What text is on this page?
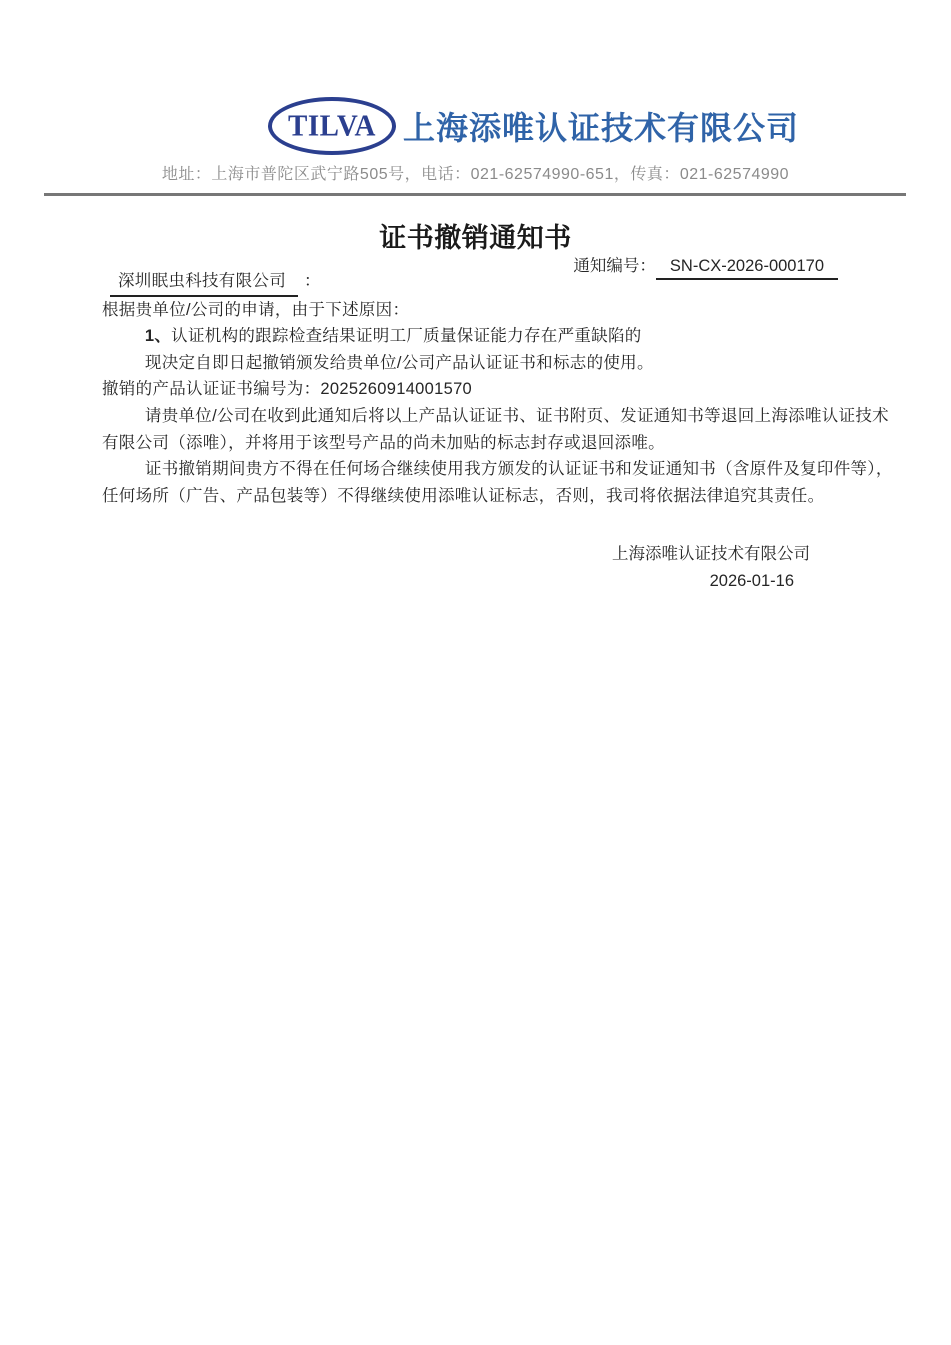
TILVA 上海添唯认证技术有限公司
地址：上海市普陀区武宁路505号，电话：021-62574990-651，传真：021-62574990
证书撤销通知书
通知编号： SN-CX-2026-000170
深圳眠虫科技有限公司 ：
根据贵单位/公司的申请，由于下述原因：
1、认证机构的跟踪检查结果证明工厂质量保证能力存在严重缺陷的
现决定自即日起撤销颁发给贵单位/公司产品认证证书和标志的使用。
撤销的产品认证证书编号为：2025260914001570
请贵单位/公司在收到此通知后将以上产品认证证书、证书附页、发证通知书等退回上海添唯认证技术
有限公司（添唯），并将用于该型号产品的尚未加贴的标志封存或退回添唯。
证书撤销期间贵方不得在任何场合继续使用我方颁发的认证证书和发证通知书（含原件及复印件等），
任何场所（广告、产品包装等）不得继续使用添唯认证标志，否则，我司将依据法律追究其责任。
上海添唯认证技术有限公司
2026-01-16
